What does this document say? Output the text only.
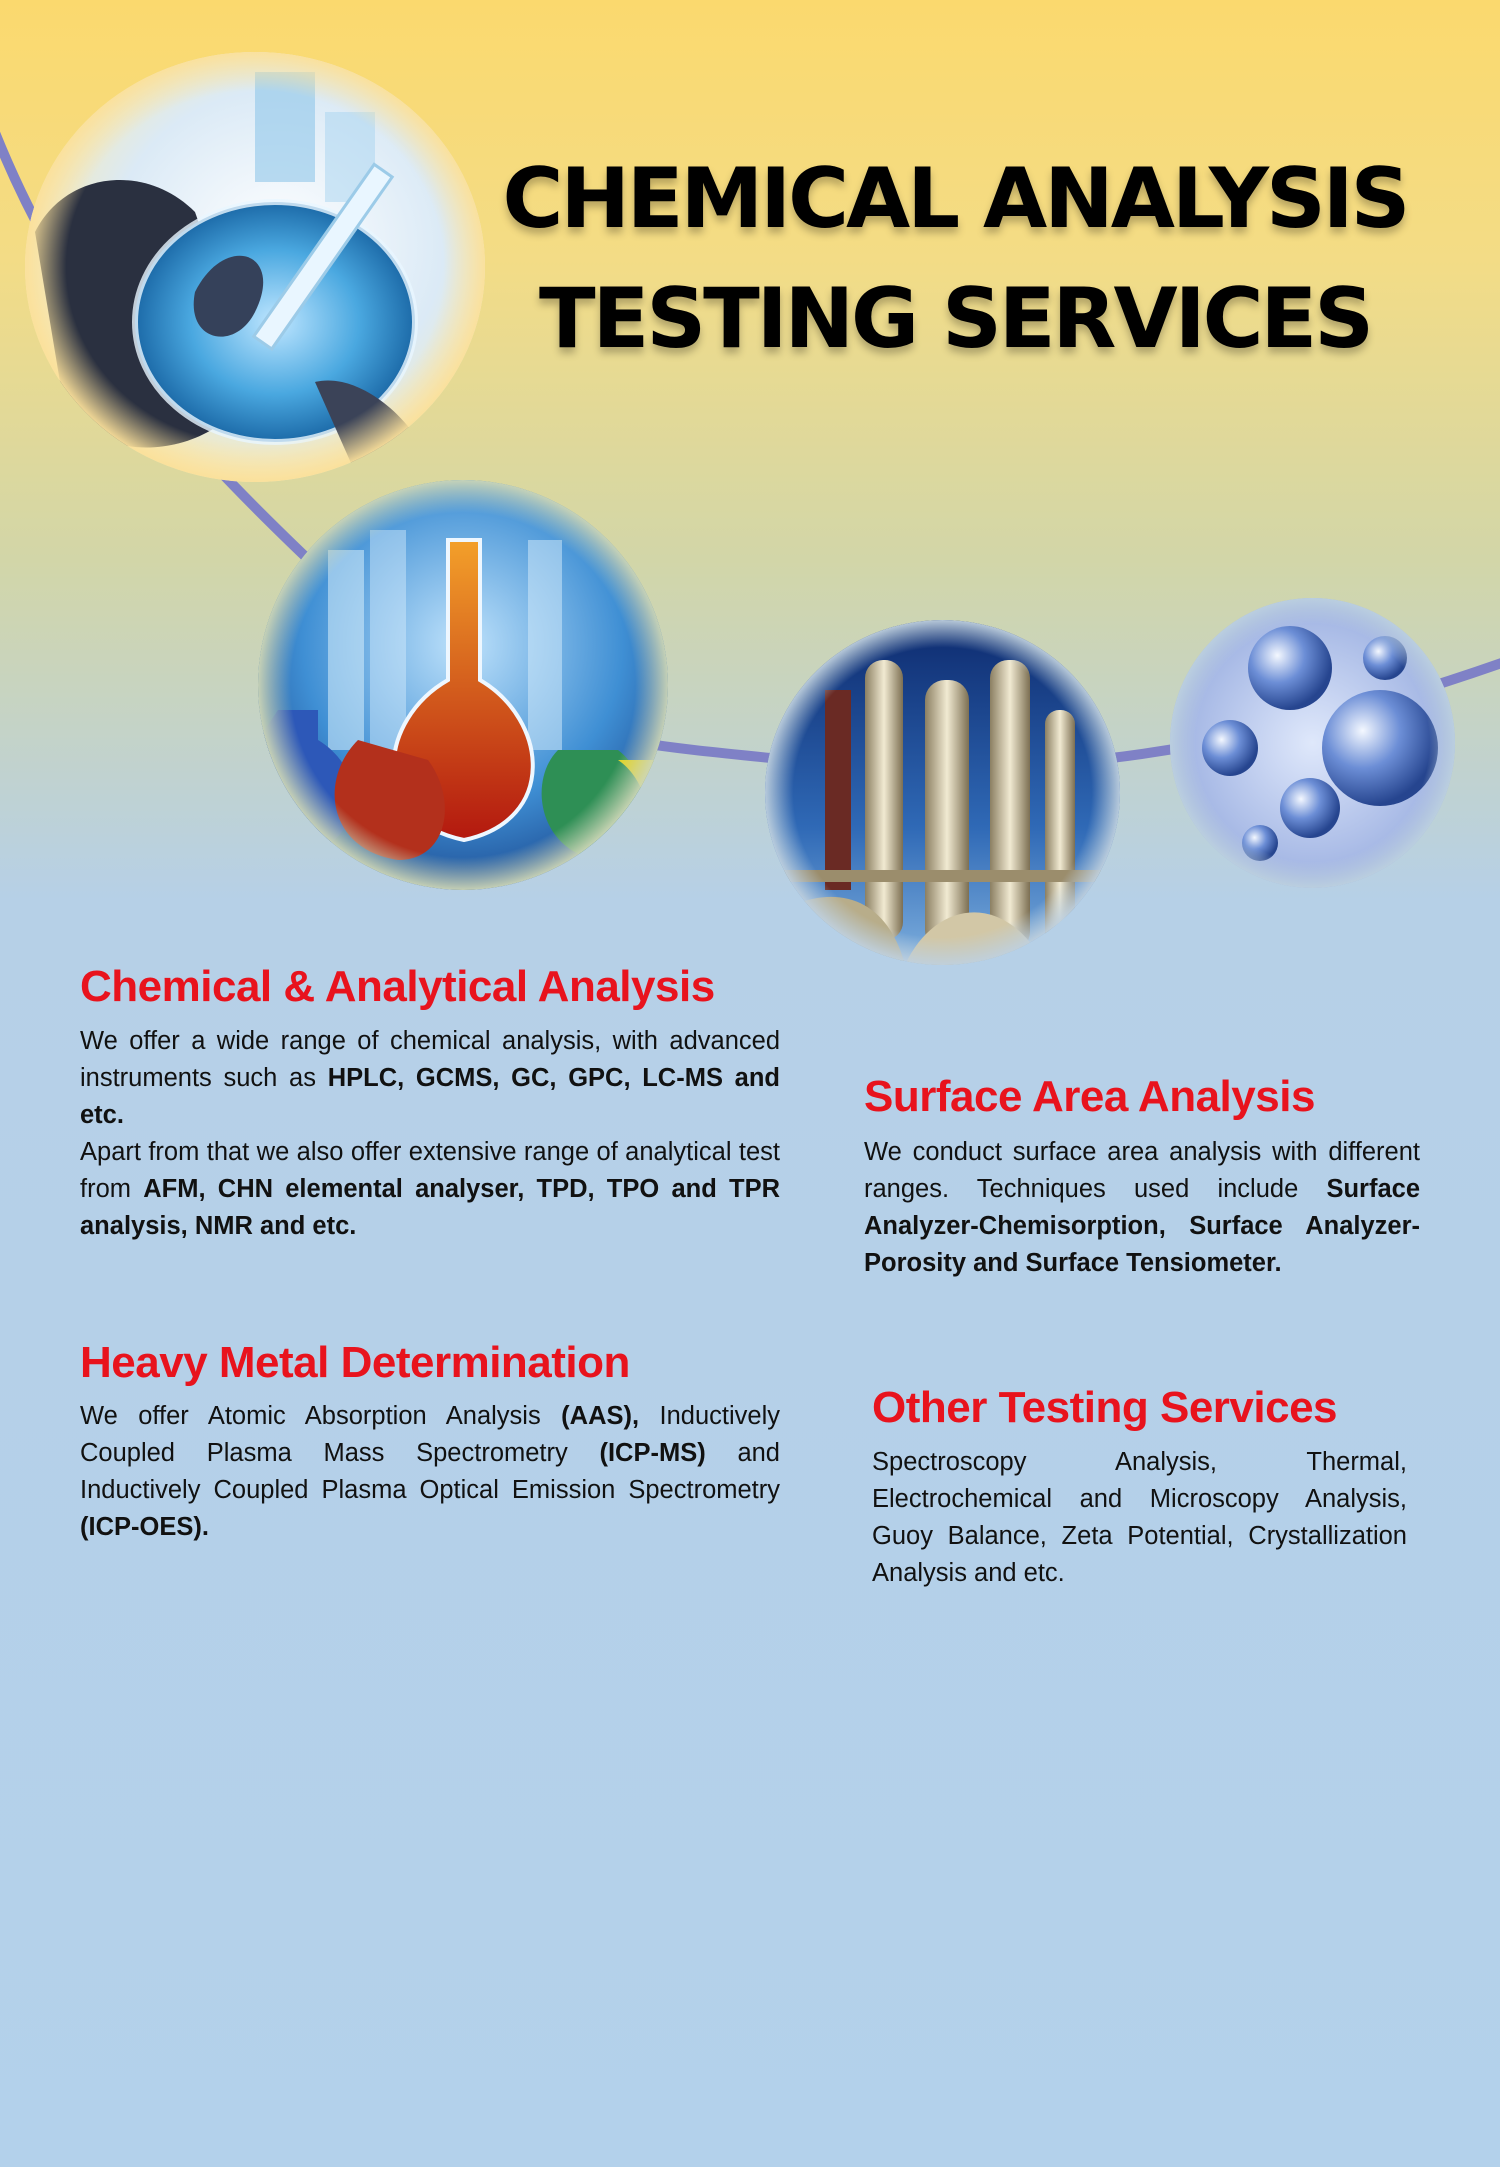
CHEMICAL ANALYSIS
TESTING SERVICES
Chemical & Analytical Analysis

We offer a wide range of chemical analysis, with advanced instruments such as HPLC, GCMS, GC, GPC, LC-MS and etc.

Apart from that we also offer extensive range of analytical test from AFM, CHN elemental analyser, TPD, TPO and TPR analysis, NMR and etc.

Surface Area Analysis

We conduct surface area analysis with different ranges. Techniques used include Surface Analyzer-Chemisorption, Surface Analyzer-Porosity and Surface Tensiometer.

Heavy Metal Determination

We offer Atomic Absorption Analysis (AAS), Inductively Coupled Plasma Mass Spectrometry (ICP-MS) and Inductively Coupled Plasma Optical Emission Spectrometry (ICP-OES).

Other Testing Services

Spectroscopy Analysis, Thermal, Electrochemical and Microscopy Analysis, Guoy Balance, Zeta Potential, Crystallization Analysis and etc.
